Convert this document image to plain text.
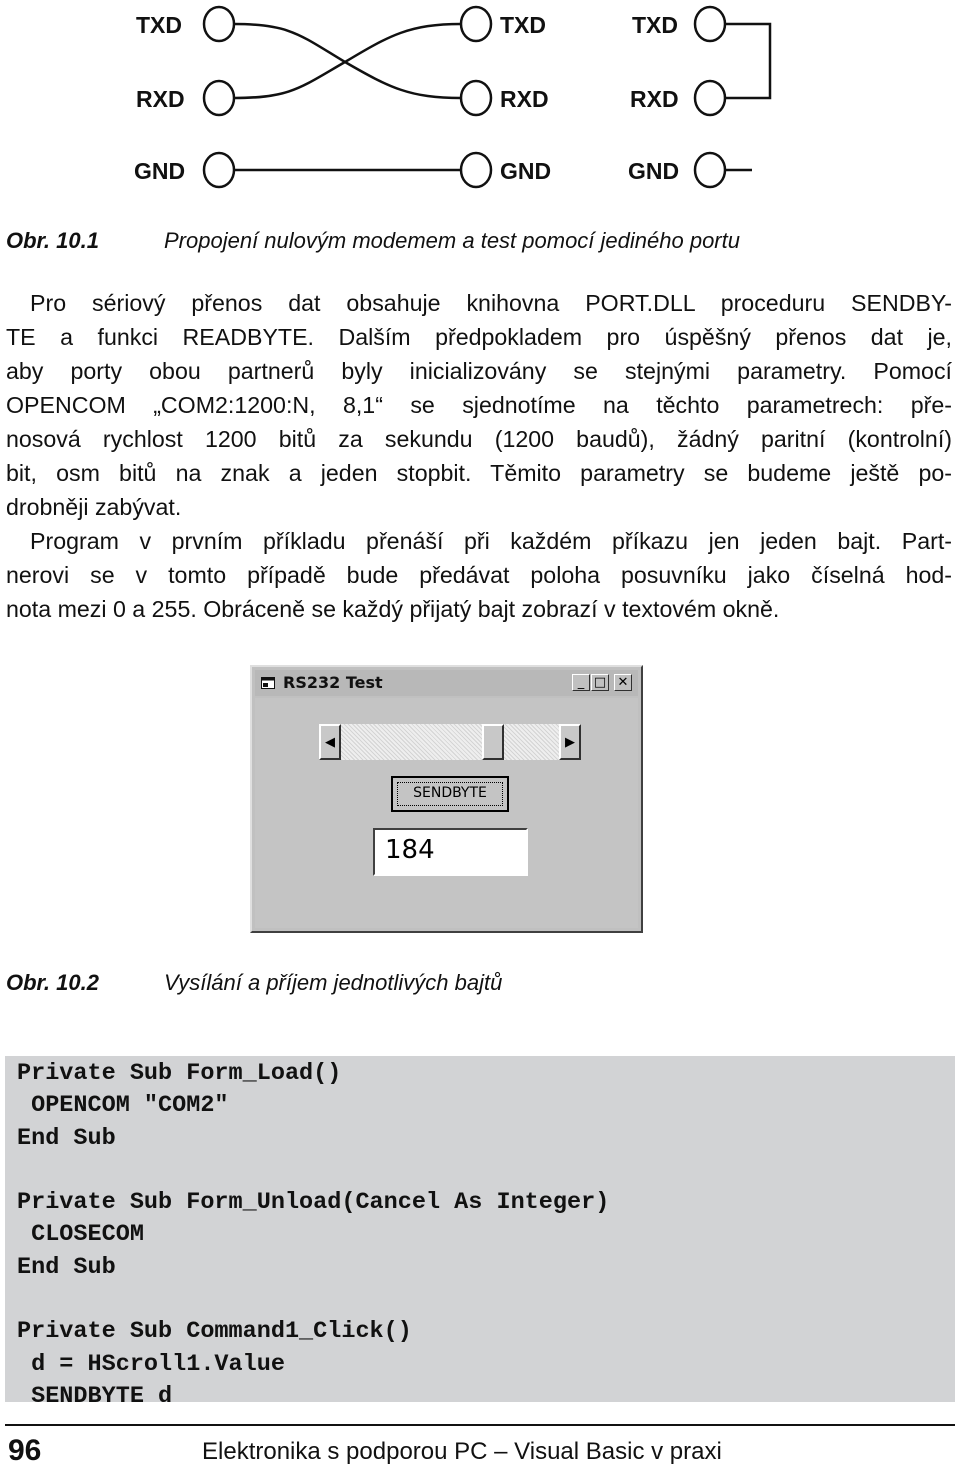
TXD
RXD
GND
TXD
RXD
GND
TXD
RXD
GND
Obr. 10.1	Propojení nulovým modemem a test pomocí jediného portu

Pro sériový přenos dat obsahuje knihovna PORT.DLL proceduru SENDBY-
TE a funkci READBYTE. Dalším předpokladem pro úspěšný přenos dat je,
aby porty obou partnerů byly inicializovány se stejnými parametry. Pomocí
OPENCOM „COM2:1200:N, 8,1“ se sjednotíme na těchto parametrech: pře-
nosová rychlost 1200 bitů za sekundu (1200 baudů), žádný paritní (kontrolní)
bit, osm bitů na znak a jeden stopbit. Těmito parametry se budeme ještě po-
drobněji zabývat.

Program v prvním příkladu přenáší při každém příkazu jen jeden bajt. Part-
nerovi se v tomto případě bude předávat poloha posuvníku jako číselná hod-
nota mezi 0 a 255. Obráceně se každý přijatý bajt zobrazí v textovém okně.

RS232 Test	_ □ ✕
◀	▶
SENDBYTE
184
Obr. 10.2	Vysílání a příjem jednotlivých bajtů
Private Sub Form_Load()
OPENCOM "COM2"
End Sub

Private Sub Form_Unload(Cancel As Integer)
CLOSECOM
End Sub

Private Sub Command1_Click()
d = HScroll1.Value
SENDBYTE d
96	Elektronika s podporou PC – Visual Basic v praxi
